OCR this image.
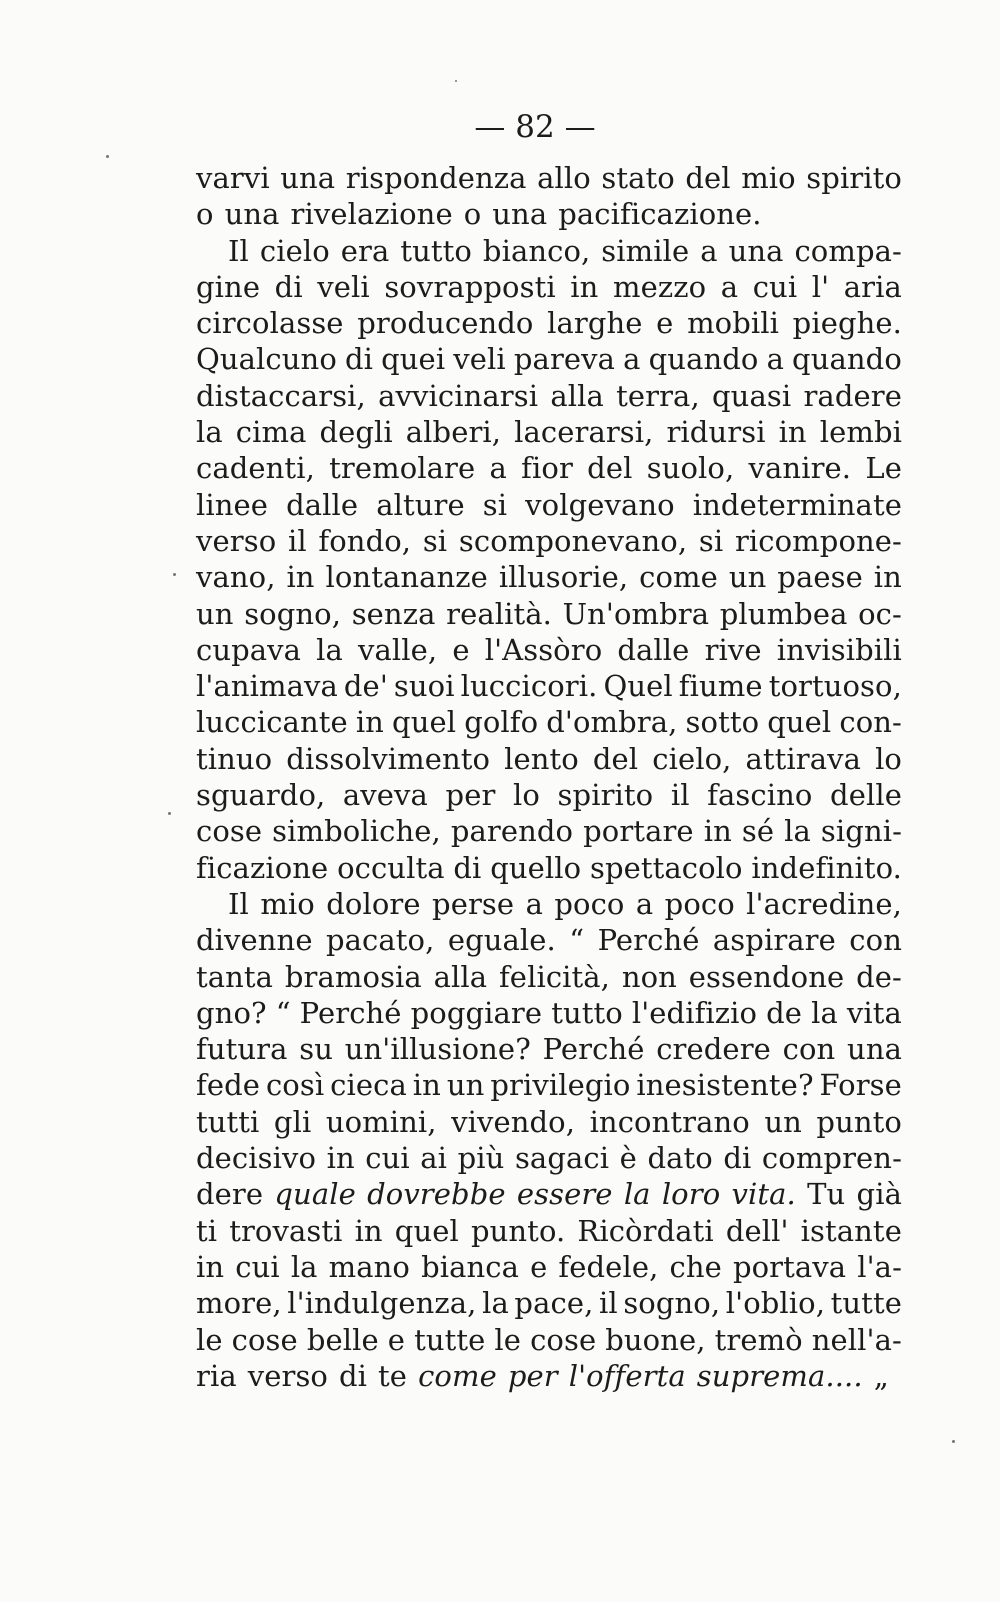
— 82 —
varvi una rispondenza allo stato del mio spirito
o una rivelazione o una pacificazione.
Il cielo era tutto bianco, simile a una compa-
gine di veli sovrapposti in mezzo a cui l' aria
circolasse producendo larghe e mobili pieghe.
Qualcuno di quei veli pareva a quando a quando
distaccarsi, avvicinarsi alla terra, quasi radere
la cima degli alberi, lacerarsi, ridursi in lembi
cadenti, tremolare a fior del suolo, vanire. Le
linee dalle alture si volgevano indeterminate
verso il fondo, si scomponevano, si ricompone-
vano, in lontananze illusorie, come un paese in
un sogno, senza realità. Un'ombra plumbea oc-
cupava la valle, e l'Assòro dalle rive invisibili
l'animava de' suoi luccicori. Quel fiume tortuoso,
luccicante in quel golfo d'ombra, sotto quel con-
tinuo dissolvimento lento del cielo, attirava lo
sguardo, aveva per lo spirito il fascino delle
cose simboliche, parendo portare in sé la signi-
ficazione occulta di quello spettacolo indefinito.
Il mio dolore perse a poco a poco l'acredine,
divenne pacato, eguale. “ Perché aspirare con
tanta bramosia alla felicità, non essendone de-
gno? “ Perché poggiare tutto l'edifizio de la vita
futura su un'illusione? Perché credere con una
fede così cieca in un privilegio inesistente? Forse
tutti gli uomini, vivendo, incontrano un punto
decisivo in cui ai più sagaci è dato di compren-
dere quale dovrebbe essere la loro vita. Tu già
ti trovasti in quel punto. Ricòrdati dell' istante
in cui la mano bianca e fedele, che portava l'a-
more, l'indulgenza, la pace, il sogno, l'oblio, tutte
le cose belle e tutte le cose buone, tremò nell'a-
ria verso di te come per l'offerta suprema.... „
